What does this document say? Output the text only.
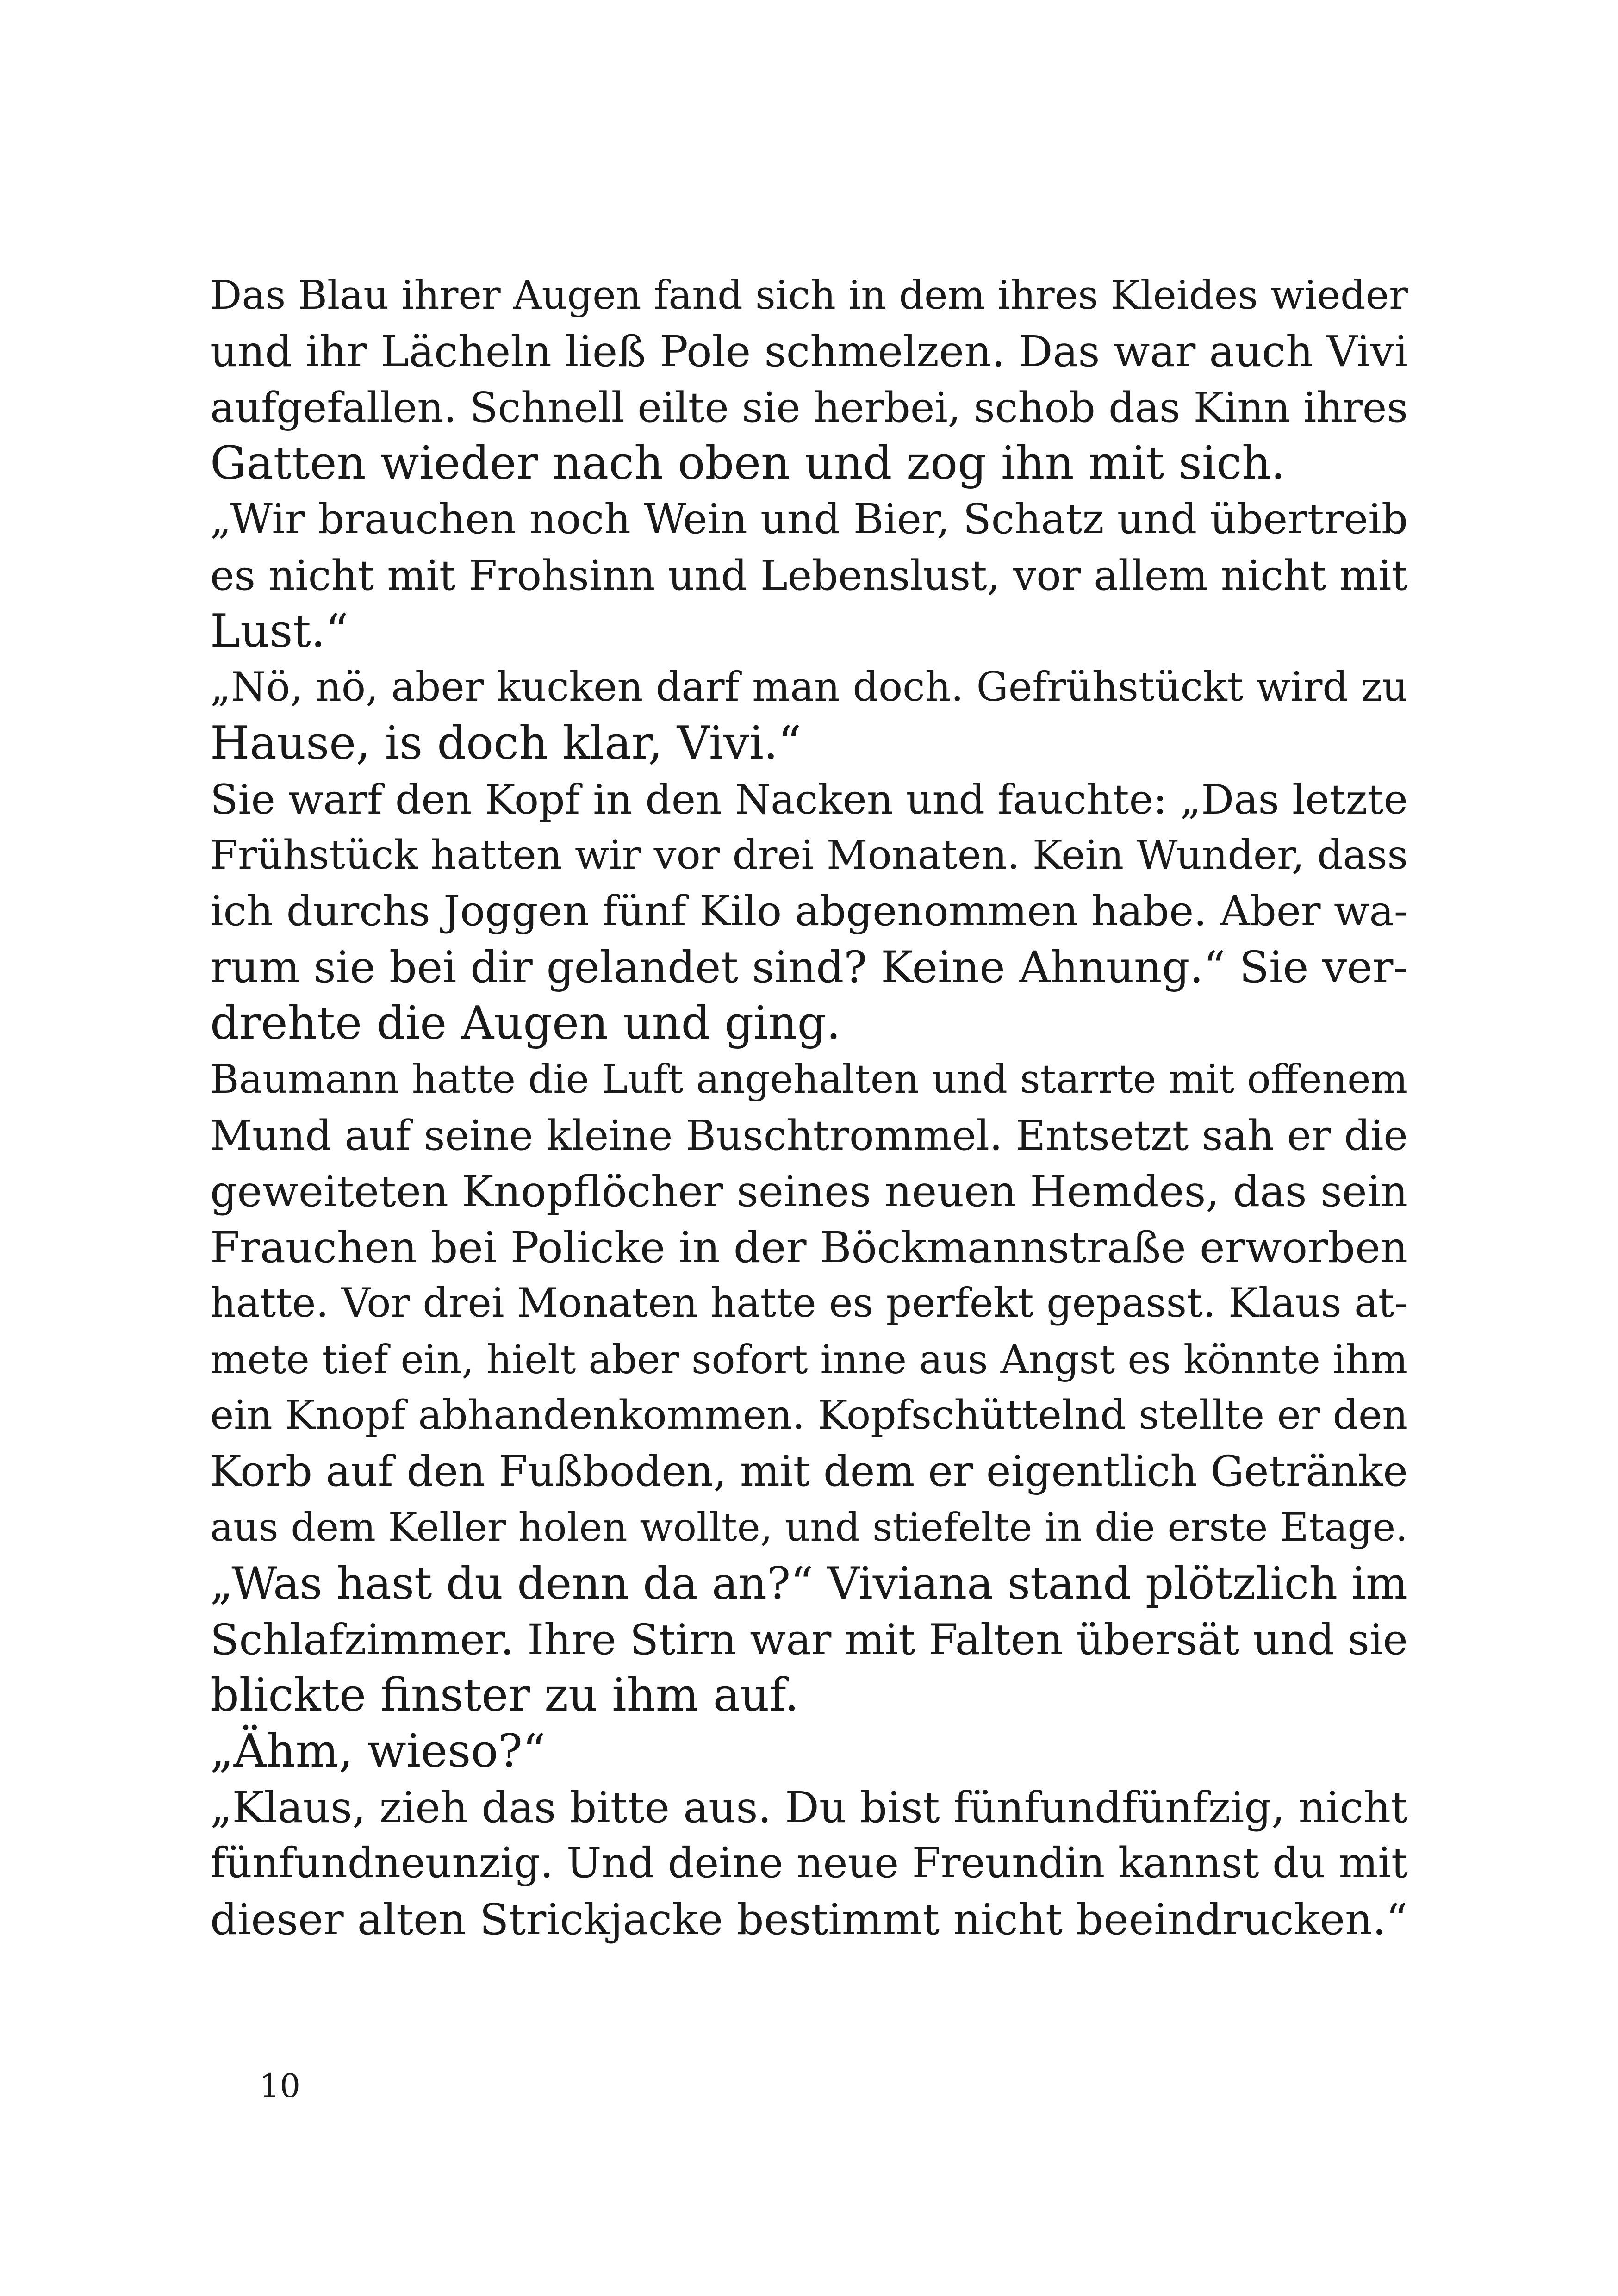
Das Blau ihrer Augen fand sich in dem ihres Kleides wieder
und ihr Lächeln ließ Pole schmelzen. Das war auch Vivi
aufgefallen. Schnell eilte sie herbei, schob das Kinn ihres
Gatten wieder nach oben und zog ihn mit sich.
„Wir brauchen noch Wein und Bier, Schatz und übertreib
es nicht mit Frohsinn und Lebenslust, vor allem nicht mit
Lust.“
„Nö, nö, aber kucken darf man doch. Gefrühstückt wird zu
Hause, is doch klar, Vivi.“
Sie warf den Kopf in den Nacken und fauchte: „Das letzte
Frühstück hatten wir vor drei Monaten. Kein Wunder, dass
ich durchs Joggen fünf Kilo abgenommen habe. Aber wa-
rum sie bei dir gelandet sind? Keine Ahnung.“ Sie ver-
drehte die Augen und ging.
Baumann hatte die Luft angehalten und starrte mit offenem
Mund auf seine kleine Buschtrommel. Entsetzt sah er die
geweiteten Knopflöcher seines neuen Hemdes, das sein
Frauchen bei Policke in der Böckmannstraße erworben
hatte. Vor drei Monaten hatte es perfekt gepasst. Klaus at-
mete tief ein, hielt aber sofort inne aus Angst es könnte ihm
ein Knopf abhandenkommen. Kopfschüttelnd stellte er den
Korb auf den Fußboden, mit dem er eigentlich Getränke
aus dem Keller holen wollte, und stiefelte in die erste Etage.
„Was hast du denn da an?“ Viviana stand plötzlich im
Schlafzimmer. Ihre Stirn war mit Falten übersät und sie
blickte finster zu ihm auf.
„Ähm, wieso?“
„Klaus, zieh das bitte aus. Du bist fünfundfünfzig, nicht
fünfundneunzig. Und deine neue Freundin kannst du mit
dieser alten Strickjacke bestimmt nicht beeindrucken.“
10
